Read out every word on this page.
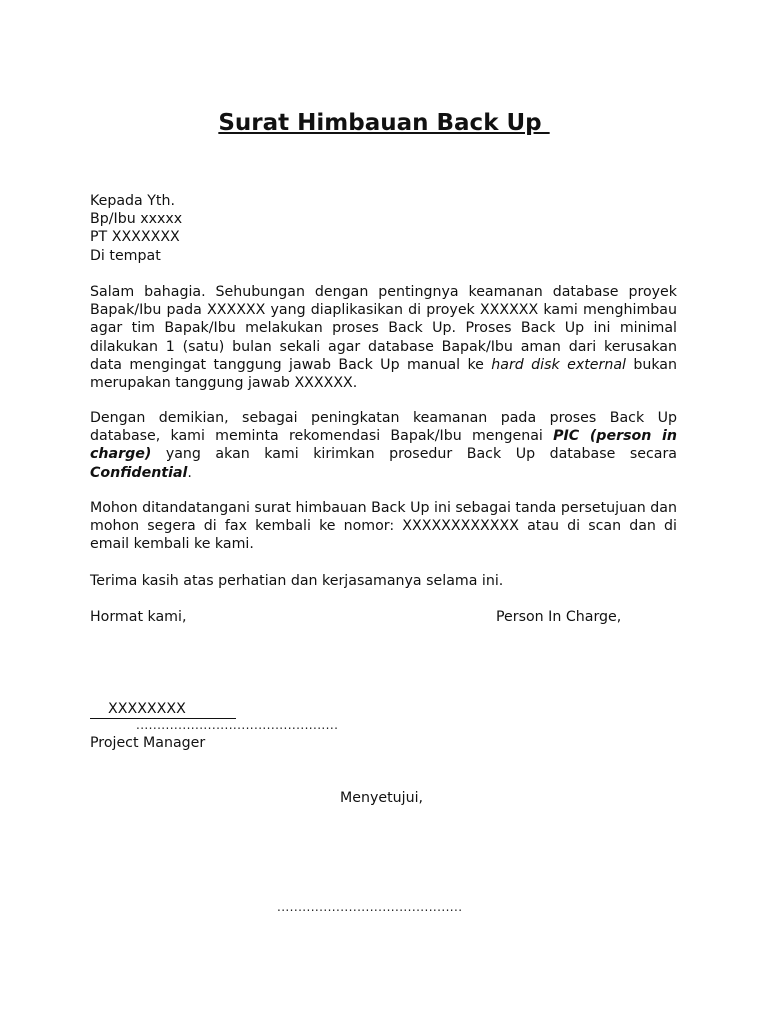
Surat Himbauan Back Up
Kepada Yth.
Bp/Ibu xxxxx
PT XXXXXXX
Di tempat
Salam bahagia. Sehubungan dengan pentingnya keamanan database proyek Bapak/Ibu pada XXXXXX yang diaplikasikan di proyek XXXXXX kami menghimbau agar tim Bapak/Ibu melakukan proses Back Up. Proses Back Up ini minimal dilakukan 1 (satu) bulan sekali agar database Bapak/Ibu aman dari kerusakan data mengingat tanggung jawab Back Up manual ke hard disk external bukan merupakan tanggung jawab XXXXXX.
Dengan demikian, sebagai peningkatan keamanan pada proses Back Up database, kami meminta rekomendasi Bapak/Ibu mengenai PIC (person in charge) yang akan kami kirimkan prosedur Back Up database secara Confidential.
Mohon ditandatangani surat himbauan Back Up ini sebagai tanda persetujuan dan mohon segera di fax kembali ke nomor: XXXXXXXXXXXX atau di scan dan di email kembali ke kami.
Terima kasih atas perhatian dan kerjasamanya selama ini.
Hormat kami,	Person In Charge,
XXXXXXXX
................................................
Project Manager
Menyetujui,
............................................
